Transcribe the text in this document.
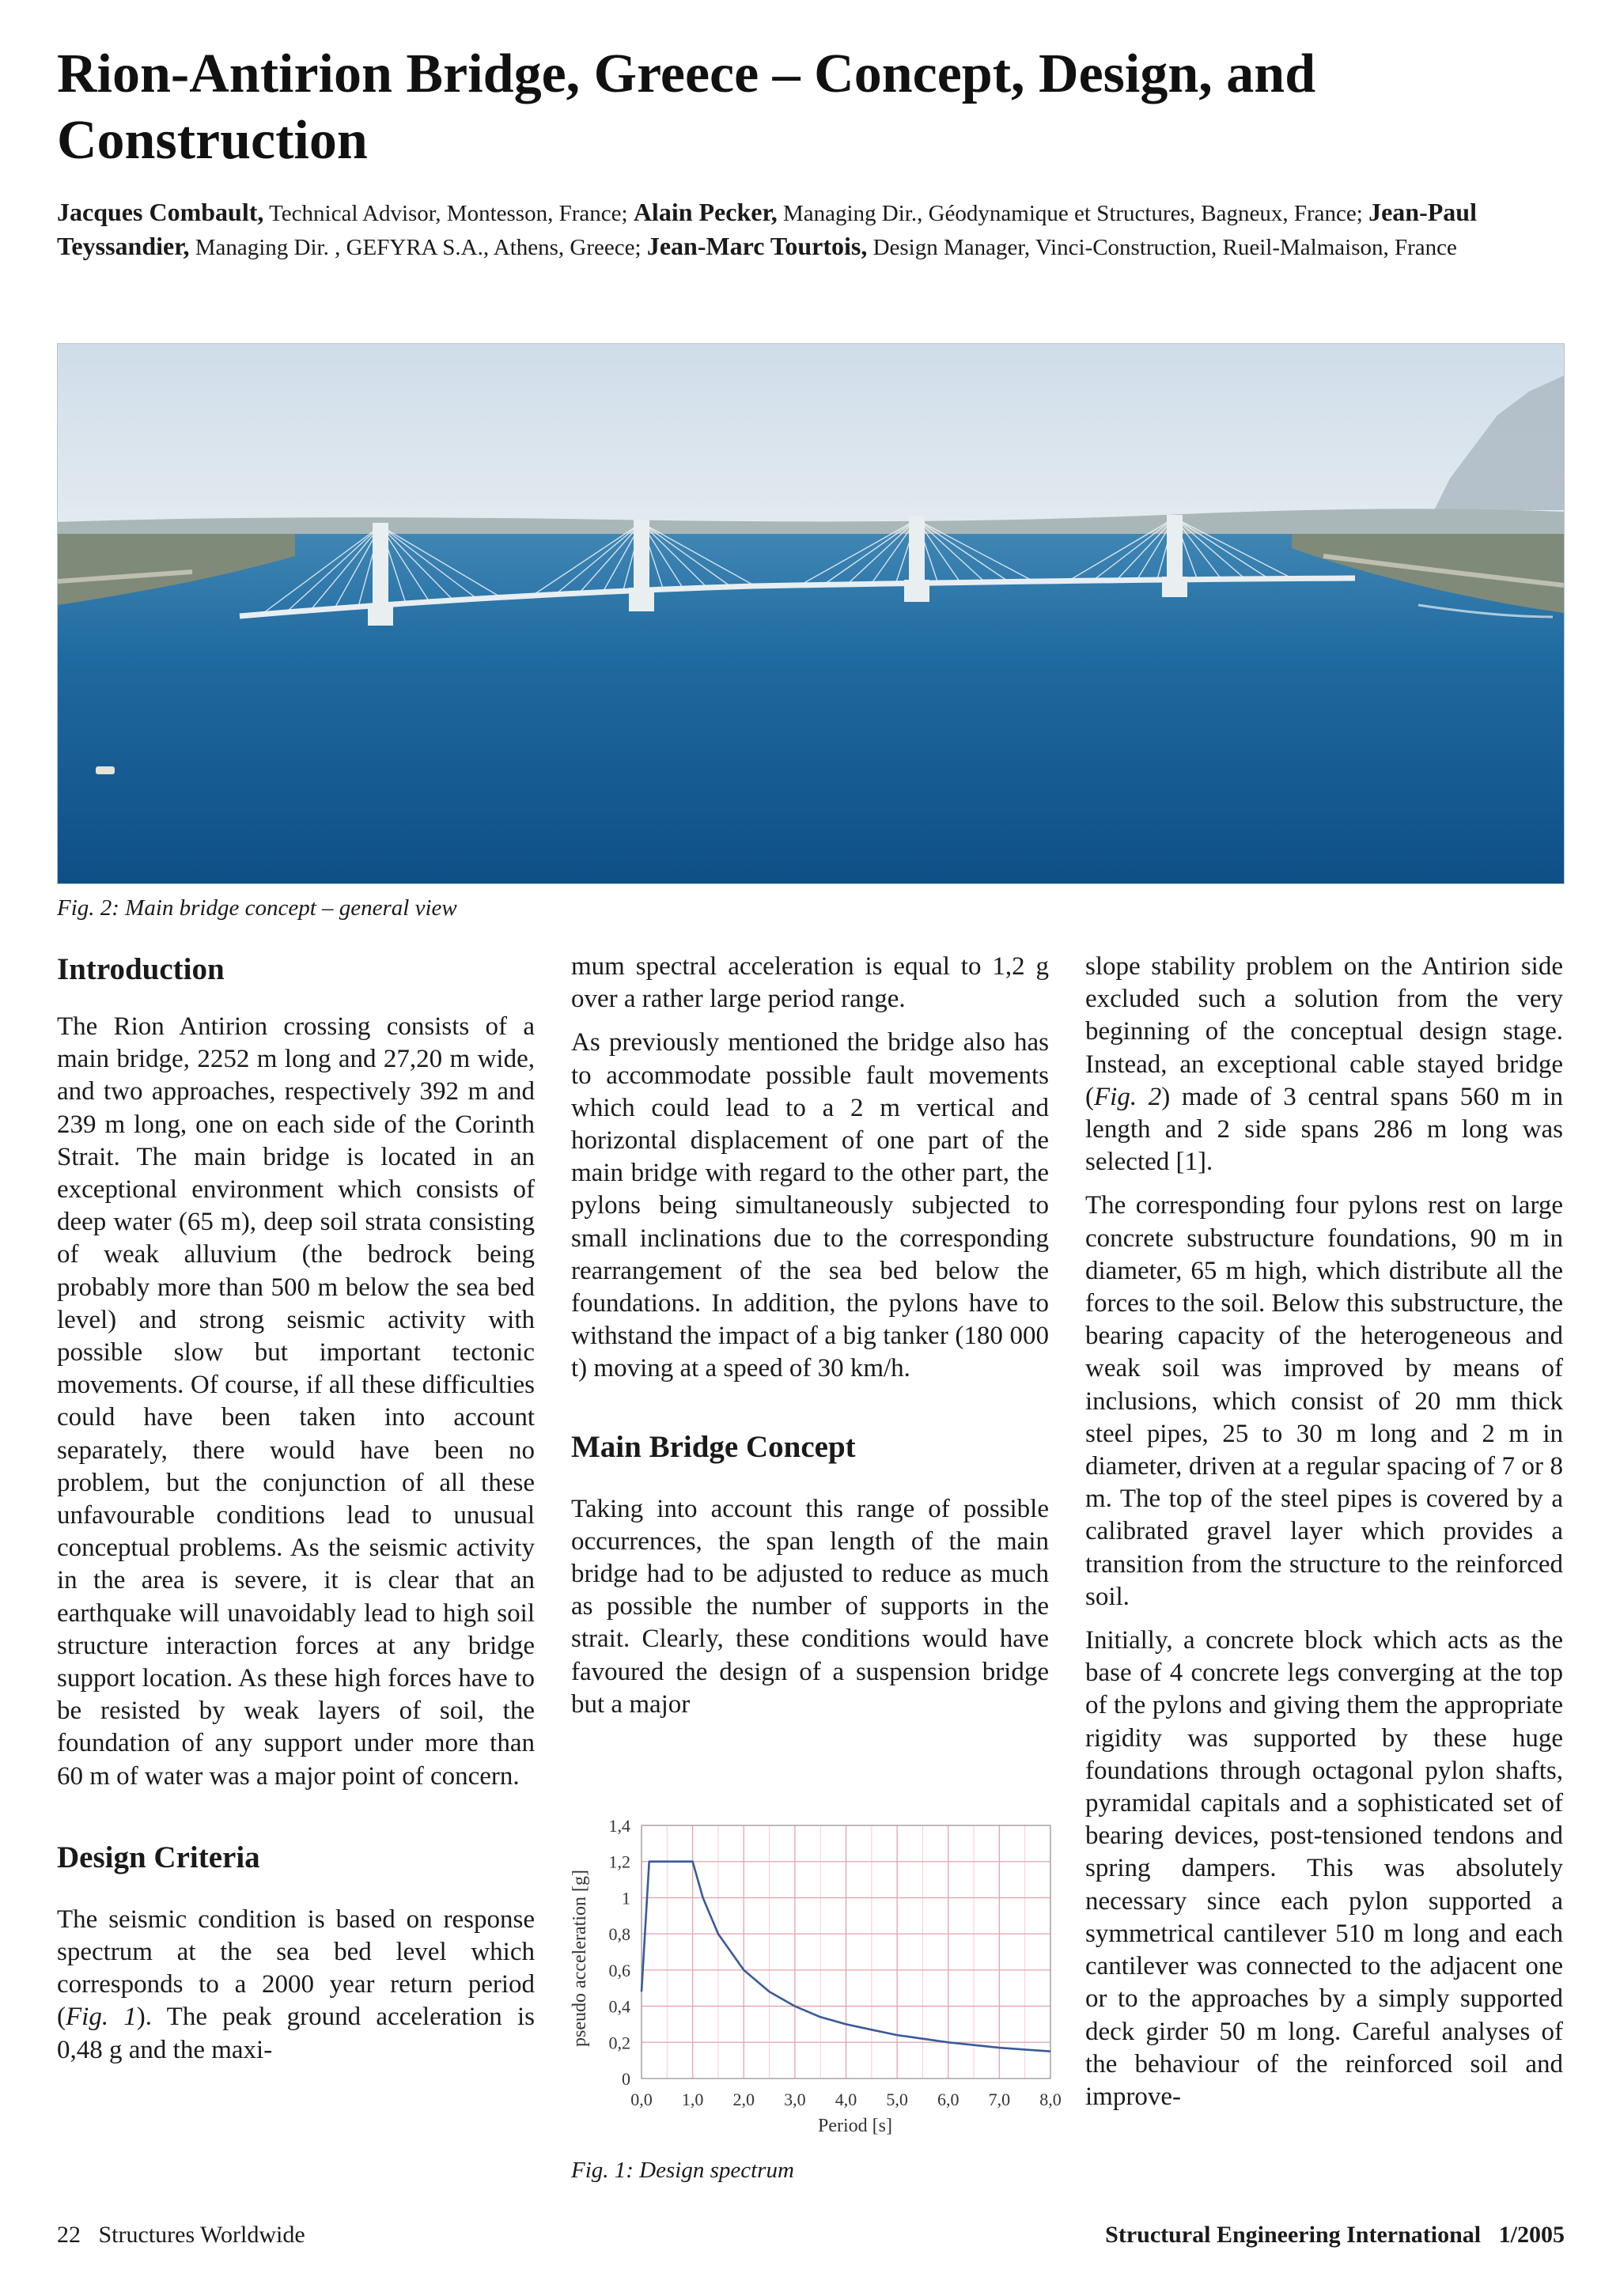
Rion-Antirion Bridge, Greece – Concept, Design, and
Construction
Jacques Combault, Technical Advisor, Montesson, France; Alain Pecker, Managing Dir., Géodynamique et Structures, Bagneux, France; Jean-Paul Teyssandier, Managing Dir. , GEFYRA S.A., Athens, Greece; Jean-Marc Tourtois, Design Manager, Vinci-Construction, Rueil-Malmaison, France
Fig. 2: Main bridge concept – general view
Introduction

The Rion Antirion crossing consists of a main bridge, 2252 m long and 27,20 m wide, and two approaches, respectively 392 m and 239 m long, one on each side of the Corinth Strait. The main bridge is located in an exceptional environment which consists of deep water (65 m), deep soil strata consisting of weak alluvium (the bedrock being probably more than 500 m below the sea bed level) and strong seismic activity with possible slow but important tectonic movements. Of course, if all these difficulties could have been taken into account separately, there would have been no problem, but the conjunction of all these unfavourable conditions lead to unusual conceptual problems. As the seismic activity in the area is severe, it is clear that an earthquake will unavoidably lead to high soil structure interaction forces at any bridge support location. As these high forces have to be resisted by weak layers of soil, the foundation of any support under more than 60 m of water was a major point of concern.

Design Criteria

The seismic condition is based on response spectrum at the sea bed level which corresponds to a 2000 year return period (Fig. 1). The peak ground acceleration is 0,48 g and the maxi-

mum spectral acceleration is equal to 1,2 g over a rather large period range.

As previously mentioned the bridge also has to accommodate possible fault movements which could lead to a 2 m vertical and horizontal displacement of one part of the main bridge with regard to the other part, the pylons being simultaneously subjected to small inclinations due to the corresponding rearrangement of the sea bed below the foundations. In addition, the pylons have to withstand the impact of a big tanker (180 000 t) moving at a speed of 30 km/h.

Main Bridge Concept

Taking into account this range of possible occurrences, the span length of the main bridge had to be adjusted to reduce as much as possible the number of supports in the strait. Clearly, these conditions would have favoured the design of a suspension bridge but a major

0,0 1,0 2,0 3,0 4,0 5,0 6,0 7,0 8,0
0
0,2
0,4
0,6
0,8
1
1,2
1,4
Period [s]
pseudo acceleration [g]
Fig. 1: Design spectrum

slope stability problem on the Antirion side excluded such a solution from the very beginning of the conceptual design stage. Instead, an exceptional cable stayed bridge (Fig. 2) made of 3 central spans 560 m in length and 2 side spans 286 m long was selected [1].

The corresponding four pylons rest on large concrete substructure foundations, 90 m in diameter, 65 m high, which distribute all the forces to the soil. Below this substructure, the bearing capacity of the heterogeneous and weak soil was improved by means of inclusions, which consist of 20 mm thick steel pipes, 25 to 30 m long and 2 m in diameter, driven at a regular spacing of 7 or 8 m. The top of the steel pipes is covered by a calibrated gravel layer which provides a transition from the structure to the reinforced soil.

Initially, a concrete block which acts as the base of 4 concrete legs converging at the top of the pylons and giving them the appropriate rigidity was supported by these huge foundations through octagonal pylon shafts, pyramidal capitals and a sophisticated set of bearing devices, post-tensioned tendons and spring dampers. This was absolutely necessary since each pylon supported a symmetrical cantilever 510 m long and each cantilever was connected to the adjacent one or to the approaches by a simply supported deck girder 50 m long. Careful analyses of the behaviour of the reinforced soil and improve-

22 Structures Worldwide	Structural Engineering International 1/2005
